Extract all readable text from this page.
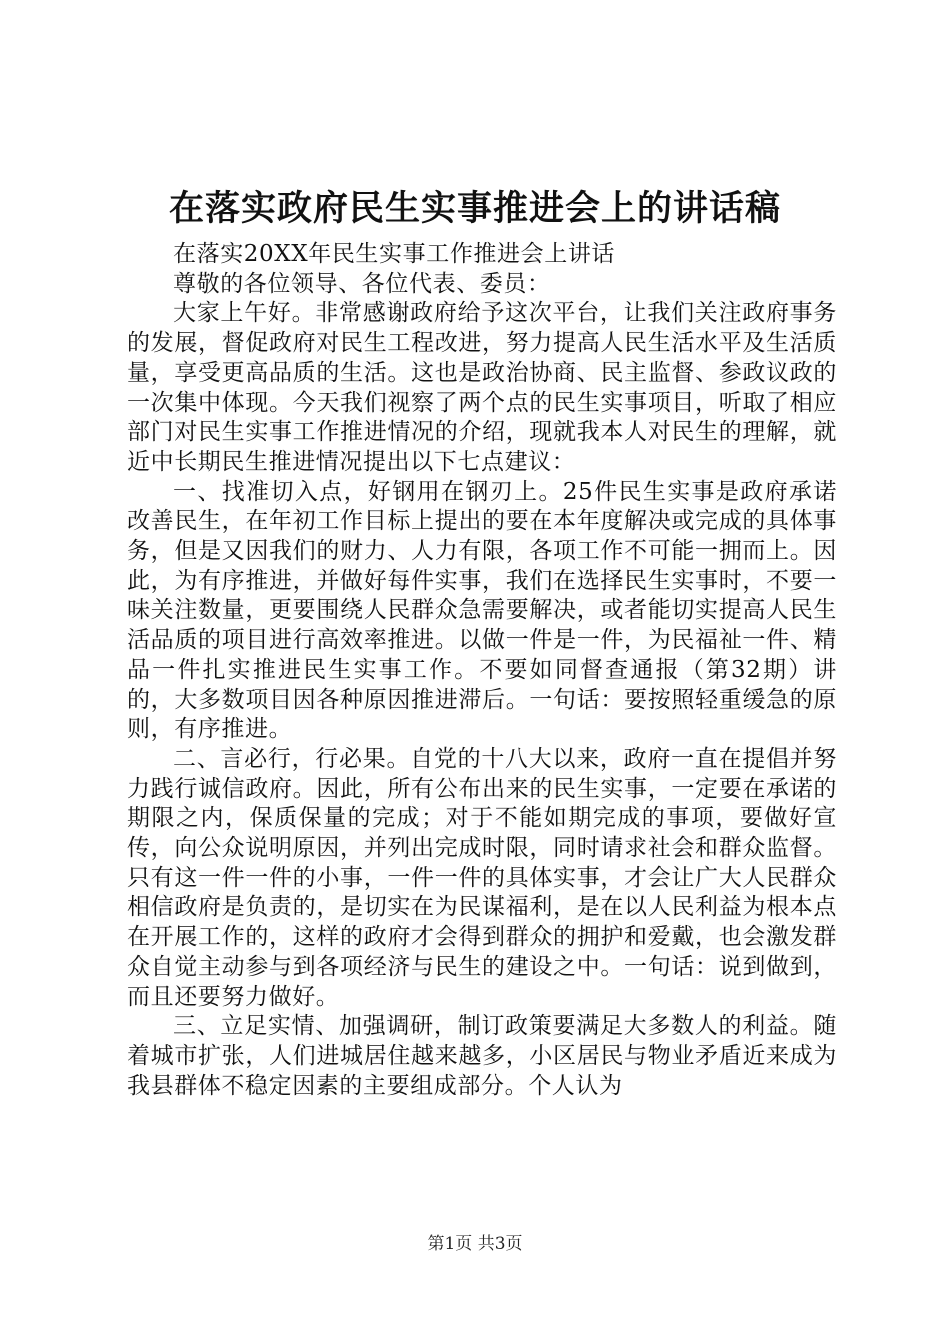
在落实政府民生实事推进会上的讲话稿

在落实20XX年民生实事工作推进会上讲话

尊敬的各位领导、各位代表、委员：

大家上午好。非常感谢政府给予这次平台，让我们关注政府事务的发展，督促政府对民生工程改进，努力提高人民生活水平及生活质量，享受更高品质的生活。这也是政治协商、民主监督、参政议政的一次集中体现。今天我们视察了两个点的民生实事项目，听取了相应部门对民生实事工作推进情况的介绍，现就我本人对民生的理解，就近中长期民生推进情况提出以下七点建议：

一、找准切入点，好钢用在钢刃上。25件民生实事是政府承诺改善民生，在年初工作目标上提出的要在本年度解决或完成的具体事务，但是又因我们的财力、人力有限，各项工作不可能一拥而上。因此，为有序推进，并做好每件实事，我们在选择民生实事时，不要一味关注数量，更要围绕人民群众急需要解决，或者能切实提高人民生活品质的项目进行高效率推进。以做一件是一件，为民福祉一件、精品一件扎实推进民生实事工作。不要如同督查通报（第32期）讲的，大多数项目因各种原因推进滞后。一句话：要按照轻重缓急的原则，有序推进。

二、言必行，行必果。自党的十八大以来，政府一直在提倡并努力践行诚信政府。因此，所有公布出来的民生实事，一定要在承诺的期限之内，保质保量的完成；对于不能如期完成的事项，要做好宣传，向公众说明原因，并列出完成时限，同时请求社会和群众监督。只有这一件一件的小事，一件一件的具体实事，才会让广大人民群众相信政府是负责的，是切实在为民谋福利，是在以人民利益为根本点在开展工作的，这样的政府才会得到群众的拥护和爱戴，也会激发群众自觉主动参与到各项经济与民生的建设之中。一句话：说到做到，而且还要努力做好。

三、立足实情、加强调研，制订政策要满足大多数人的利益。随着城市扩张，人们进城居住越来越多，小区居民与物业矛盾近来成为我县群体不稳定因素的主要组成部分。个人认为

第1页 共3页
